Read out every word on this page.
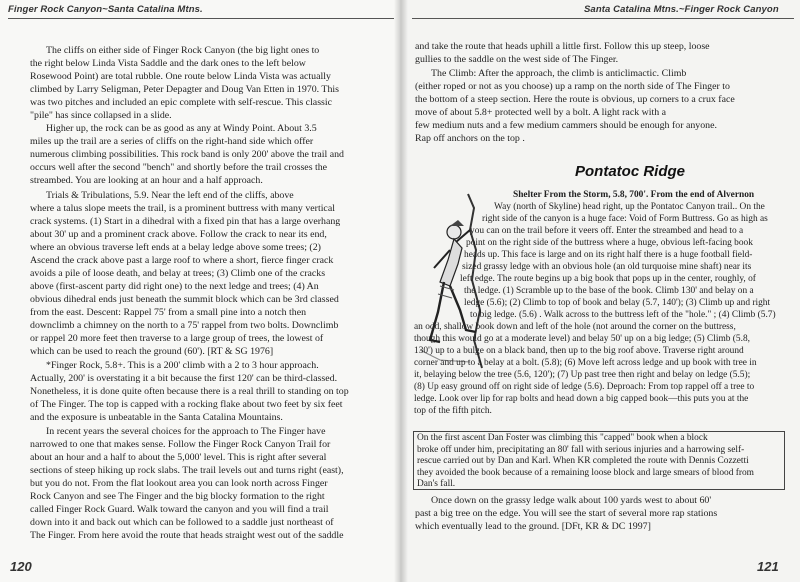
Finger Rock Canyon~Santa Catalina Mtns.

The cliffs on either side of Finger Rock Canyon (the big light ones to
the right below Linda Vista Saddle and the dark ones to the left below
Rosewood Point) are total rubble. One route below Linda Vista was actually
climbed by Larry Seligman, Peter Depagter and Doug Van Etten in 1970. This
was two pitches and included an epic complete with self-rescue. This classic
"pile" has since collapsed in a slide.

Higher up, the rock can be as good as any at Windy Point. About 3.5
miles up the trail are a series of cliffs on the right-hand side which offer
numerous climbing possibilities. This rock band is only 200' above the trail and
occurs well after the second "bench" and shortly before the trail crosses the
streambed. You are looking at an hour and a half approach.

Trials & Tribulations, 5.9. Near the left end of the cliffs, above
where a talus slope meets the trail, is a prominent buttress with many vertical
crack systems. (1) Start in a dihedral with a fixed pin that has a large overhang
about 30' up and a prominent crack above. Follow the crack to near its end,
where an obvious traverse left ends at a belay ledge above some trees; (2)
Ascend the crack above past a large roof to where a short, fierce finger crack
avoids a pile of loose death, and belay at trees; (3) Climb one of the cracks
above (first-ascent party did right one) to the next ledge and trees; (4) An
obvious dihedral ends just beneath the summit block which can be 3rd classed
from the east. Descent: Rappel 75' from a small pine into a notch then
downclimb a chimney on the north to a 75' rappel from two bolts. Downclimb
or rappel 20 more feet then traverse to a large group of trees, the lowest of
which can be used to reach the ground (60'). [RT & SG 1976]

*Finger Rock, 5.8+. This is a 200' climb with a 2 to 3 hour approach.
Actually, 200' is overstating it a bit because the first 120' can be third-classed.
Nonetheless, it is done quite often because there is a real thrill to standing on top
of The Finger. The top is capped with a rocking flake about two feet by six feet
and the exposure is unbeatable in the Santa Catalina Mountains.

In recent years the several choices for the approach to The Finger have
narrowed to one that makes sense. Follow the Finger Rock Canyon Trail for
about an hour and a half to about the 5,000' level. This is right after several
sections of steep hiking up rock slabs. The trail levels out and turns right (east),
but you do not. From the flat lookout area you can look north across Finger
Rock Canyon and see The Finger and the big blocky formation to the right
called Finger Rock Guard. Walk toward the canyon and you will find a trail
down into it and back out which can be followed to a saddle just northeast of
The Finger. From here avoid the route that heads straight west out of the saddle

120
Santa Catalina Mtns.~Finger Rock Canyon

and take the route that heads uphill a little first. Follow this up steep, loose
gullies to the saddle on the west side of The Finger.

The Climb: After the approach, the climb is anticlimactic. Climb
(either roped or not as you choose) up a ramp on the north side of The Finger to
the bottom of a steep section. Here the route is obvious, up corners to a crux face
move of about 5.8+ protected well by a bolt. A light rack with a
few medium nuts and a few medium cammers should be enough for anyone.
Rap off anchors on the top .

Pontatoc Ridge
Shelter From the Storm, 5.8, 700'. From the end of Alvernon
Way (north of Skyline) head right, up the Pontatoc Canyon trail.. On the
right side of the canyon is a huge face: Void of Form Buttress. Go as high as
you can on the trail before it veers off. Enter the streambed and head to a
point on the right side of the buttress where a huge, obvious left-facing book
heads up. This face is large and on its right half there is a huge football field-
sized grassy ledge with an obvious hole (an old turquoise mine shaft) near its
left edge. The route begins up a big book that pops up in the center, roughly, of
the ledge. (1) Scramble up to the base of the book. Climb 130' and belay on a
ledge (5.6); (2) Climb to top of book and belay (5.7, 140'); (3) Climb up and right
to big ledge. (5.6) . Walk across to the buttress left of the "hole." ; (4) Climb (5.7)
an odd, shallow book down and left of the hole (not around the corner on the buttress,
though this would go at a moderate level) and belay 50' up on a big ledge; (5) Climb (5.8,
130') up to a bulge on a black band, then up to the big roof above. Traverse right around
corner and up to a belay at a bolt. (5.8); (6) Move left across ledge and up book with tree in
it, belaying below the tree (5.6, 120'); (7) Up past tree then right and belay on ledge (5.5);
(8) Up easy ground off on right side of ledge (5.6). Deproach: From top rappel off a tree to
ledge. Look over lip for rap bolts and head down a big capped book—this puts you at the
top of the fifth pitch.
On the first ascent Dan Foster was climbing this "capped" book when a block
broke off under him, precipitating an 80' fall with serious injuries and a harrowing self-
rescue carried out by Dan and Karl. When KR completed the route with Dennis Cozzetti
they avoided the book because of a remaining loose block and large smears of blood from
Dan's fall.

Once down on the grassy ledge walk about 100 yards west to about 60'
past a big tree on the edge. You will see the start of several more rap stations
which eventually lead to the ground. [DFt, KR & DC 1997]

121
